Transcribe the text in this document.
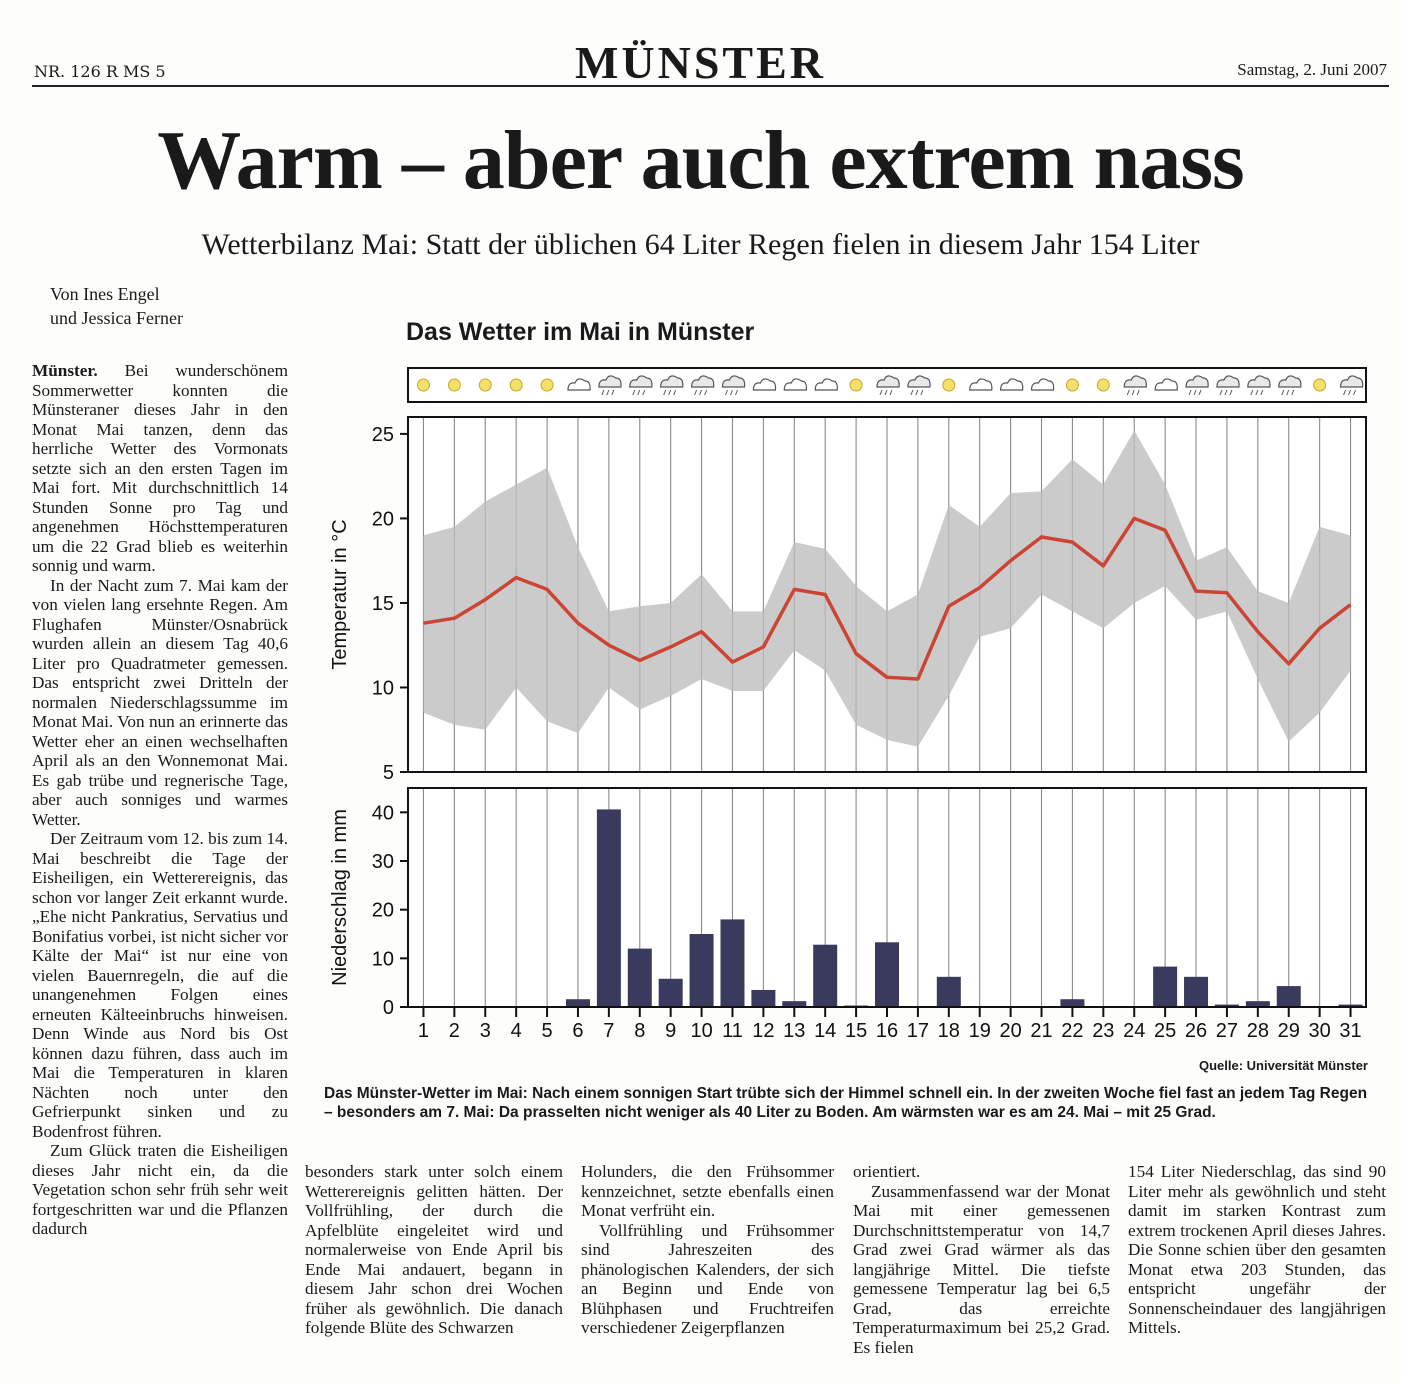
NR. 126 R MS 5	MÜNSTER	Samstag, 2. Juni 2007
Warm – aber auch extrem nass
Wetterbilanz Mai: Statt der üblichen 64 Liter Regen fielen in diesem Jahr 154 Liter
Von Ines Engel
und Jessica Ferner

Münster. Bei wunderschönem Sommerwetter konnten die Münsteraner dieses Jahr in den Monat Mai tanzen, denn das herrliche Wetter des Vormonats setzte sich an den ersten Tagen im Mai fort. Mit durchschnittlich 14 Stunden Sonne pro Tag und angenehmen Höchsttemperaturen um die 22 Grad blieb es weiterhin sonnig und warm.

In der Nacht zum 7. Mai kam der von vielen lang ersehnte Regen. Am Flughafen Münster/Osnabrück wurden allein an diesem Tag 40,6 Liter pro Quadratmeter gemessen. Das entspricht zwei Dritteln der normalen Niederschlagssumme im Monat Mai. Von nun an erinnerte das Wetter eher an einen wechselhaften April als an den Wonnemonat Mai. Es gab trübe und regnerische Tage, aber auch sonniges und warmes Wetter.

Der Zeitraum vom 12. bis zum 14. Mai beschreibt die Tage der Eisheiligen, ein Wetterereignis, das schon vor langer Zeit erkannt wurde. „Ehe nicht Pankratius, Servatius und Bonifatius vorbei, ist nicht sicher vor Kälte der Mai“ ist nur eine von vielen Bauernregeln, die auf die unangenehmen Folgen eines erneuten Kälteeinbruchs hinweisen. Denn Winde aus Nord bis Ost können dazu führen, dass auch im Mai die Temperaturen in klaren Nächten noch unter den Gefrierpunkt sinken und zu Bodenfrost führen.

Zum Glück traten die Eisheiligen dieses Jahr nicht ein, da die Vegetation schon sehr früh sehr weit fortgeschritten war und die Pflanzen dadurch

besonders stark unter solch einem Wetterereignis gelitten hätten. Der Vollfrühling, der durch die Apfelblüte eingeleitet wird und normalerweise von Ende April bis Ende Mai andauert, begann in diesem Jahr schon drei Wochen früher als gewöhnlich. Die danach folgende Blüte des Schwarzen

Holunders, die den Frühsommer kennzeichnet, setzte ebenfalls einen Monat verfrüht ein.

Vollfrühling und Frühsommer sind Jahreszeiten des phänologischen Kalenders, der sich an Beginn und Ende von Blühphasen und Fruchtreifen verschiedener Zeigerpflanzen

orientiert.

Zusammenfassend war der Monat Mai mit einer gemessenen Durchschnittstemperatur von 14,7 Grad zwei Grad wärmer als das langjährige Mittel. Die tiefste gemessene Temperatur lag bei 6,5 Grad, das erreichte Temperaturmaximum bei 25,2 Grad. Es fielen

154 Liter Niederschlag, das sind 90 Liter mehr als gewöhnlich und steht damit im starken Kontrast zum extrem trockenen April dieses Jahres. Die Sonne schien über den gesamten Monat etwa 203 Stunden, das entspricht ungefähr der Sonnenscheindauer des langjährigen Mittels.

Das Wetter im Mai in Münster
5
10
15
20
25
Temperatur in °C
0
10
20
30
40
Niederschlag in mm
1 2 3 4 5 6 7 8 9 10 11 12 13 14 15 16 17 18 19 20 21 22 23 24 25 26 27 28 29 30 31
Quelle: Universität Münster
Das Münster-Wetter im Mai: Nach einem sonnigen Start trübte sich der Himmel schnell ein. In der zweiten Woche fiel fast an jedem Tag Regen – besonders am 7. Mai: Da prasselten nicht weniger als 40 Liter zu Boden. Am wärmsten war es am 24. Mai – mit 25 Grad.
